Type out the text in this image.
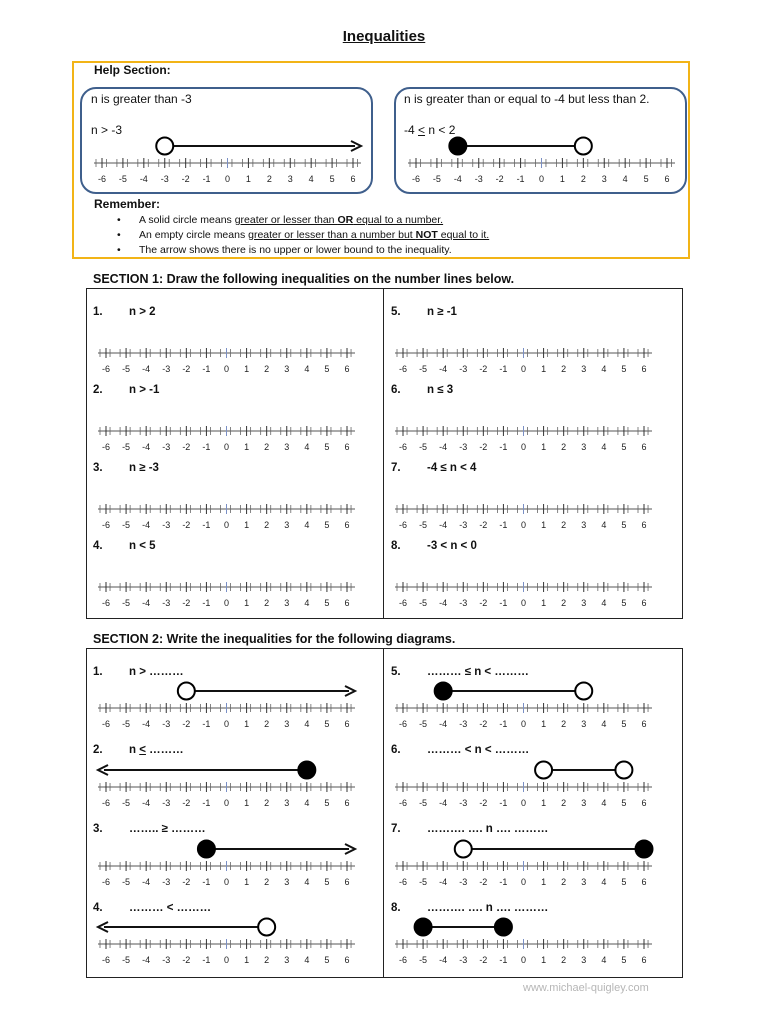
Inequalities
Help Section:
n is greater than -3
n > -3
-6 -5 -4 -3 -2 -1 0 1 2 3 4 5 6
n is greater than or equal to -4 but less than 2.
-4 < n < 2
-6 -5 -4 -3 -2 -1 0 1 2 3 4 5 6
Remember:
• A solid circle means greater or lesser than OR equal to a number.
• An empty circle means greater or lesser than a number but NOT equal to it.
• The arrow shows there is no upper or lower bound to the inequality.
SECTION 1: Draw the following inequalities on the number lines below.
1. n > 2
-6 -5 -4 -3 -2 -1 0 1 2 3 4 5 6
2. n > -1
-6 -5 -4 -3 -2 -1 0 1 2 3 4 5 6
3. n ≥ -3
-6 -5 -4 -3 -2 -1 0 1 2 3 4 5 6
4. n < 5
-6 -5 -4 -3 -2 -1 0 1 2 3 4 5 6
5. n ≥ -1
-6 -5 -4 -3 -2 -1 0 1 2 3 4 5 6
6. n ≤ 3
-6 -5 -4 -3 -2 -1 0 1 2 3 4 5 6
7. -4 ≤ n < 4
-6 -5 -4 -3 -2 -1 0 1 2 3 4 5 6
8. -3 < n < 0
-6 -5 -4 -3 -2 -1 0 1 2 3 4 5 6
SECTION 2: Write the inequalities for the following diagrams.
1. n > ………
-6 -5 -4 -3 -2 -1 0 1 2 3 4 5 6
2. n < ………
-6 -5 -4 -3 -2 -1 0 1 2 3 4 5 6
3. …….. ≥ ………
-6 -5 -4 -3 -2 -1 0 1 2 3 4 5 6
4. ……… < ………
-6 -5 -4 -3 -2 -1 0 1 2 3 4 5 6
5. ……… ≤ n < ………
-6 -5 -4 -3 -2 -1 0 1 2 3 4 5 6
6. ……… < n < ………
-6 -5 -4 -3 -2 -1 0 1 2 3 4 5 6
7. ………. …. n …. ………
-6 -5 -4 -3 -2 -1 0 1 2 3 4 5 6
8. ………. …. n …. ………
-6 -5 -4 -3 -2 -1 0 1 2 3 4 5 6
www.michael-quigley.com
